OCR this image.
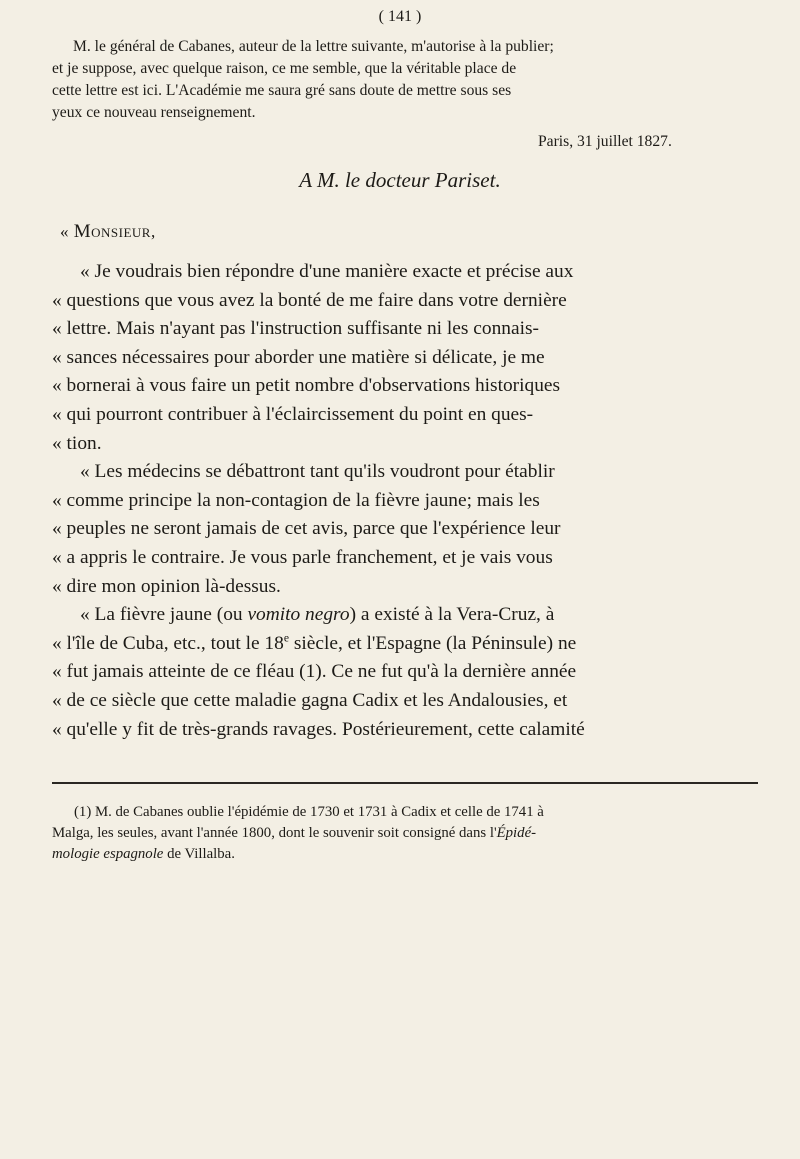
( 141 )
M. le général de Cabanes, auteur de la lettre suivante, m'autorise à la publier;
et je suppose, avec quelque raison, ce me semble, que la véritable place de
cette lettre est ici. L'Académie me saura gré sans doute de mettre sous ses
yeux ce nouveau renseignement.
Paris, 31 juillet 1827.
A M. le docteur Pariset.
« Monsieur,
« Je voudrais bien répondre d'une manière exacte et précise aux
« questions que vous avez la bonté de me faire dans votre dernière
« lettre. Mais n'ayant pas l'instruction suffisante ni les connais-
« sances nécessaires pour aborder une matière si délicate, je me
« bornerai à vous faire un petit nombre d'observations historiques
« qui pourront contribuer à l'éclaircissement du point en ques-
« tion.
« Les médecins se débattront tant qu'ils voudront pour établir
« comme principe la non-contagion de la fièvre jaune; mais les
« peuples ne seront jamais de cet avis, parce que l'expérience leur
« a appris le contraire. Je vous parle franchement, et je vais vous
« dire mon opinion là-dessus.
« La fièvre jaune (ou vomito negro) a existé à la Vera-Cruz, à
« l'île de Cuba, etc., tout le 18e siècle, et l'Espagne (la Péninsule) ne
« fut jamais atteinte de ce fléau (1). Ce ne fut qu'à la dernière année
« de ce siècle que cette maladie gagna Cadix et les Andalousies, et
« qu'elle y fit de très-grands ravages. Postérieurement, cette calamité
(1) M. de Cabanes oublie l'épidémie de 1730 et 1731 à Cadix et celle de 1741 à
Malga, les seules, avant l'année 1800, dont le souvenir soit consigné dans l'Épidé-
mologie espagnole de Villalba.
